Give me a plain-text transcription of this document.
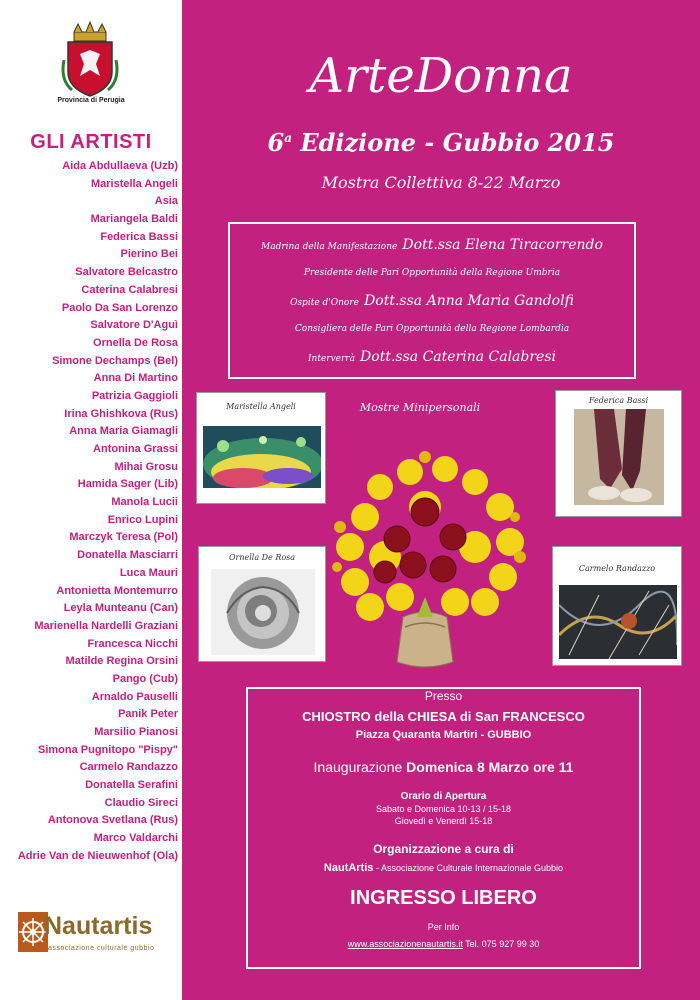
Provincia di Perugia
GLI ARTISTI
Aida Abdullaeva (Uzb)
Maristella Angeli
Asia
Mariangela Baldi
Federica Bassi
Pierino Bei
Salvatore Belcastro
Caterina Calabresi
Paolo Da San Lorenzo
Salvatore D'Aguì
Ornella De Rosa
Simone Dechamps (Bel)
Anna Di Martino
Patrizia Gaggioli
Irina Ghishkova (Rus)
Anna Maria Giamagli
Antonina Grassi
Mihai Grosu
Hamida Sager (Lib)
Manola Lucii
Enrico Lupini
Marczyk Teresa (Pol)
Donatella Masciarri
Luca Mauri
Antonietta Montemurro
Leyla Munteanu (Can)
Marienella Nardelli Graziani
Francesca Nicchi
Matilde Regina Orsini
Pango (Cub)
Arnaldo Pauselli
Panik Peter
Marsilio Pianosi
Simona Pugnitopo "Pispy"
Carmelo Randazzo
Donatella Serafini
Claudio Sireci
Antonova Svetlana (Rus)
Marco Valdarchi
Adrie Van de Nieuwenhof (Ola)
Nautartis
associazione culturale gubbio
ArteDonna
6$^a$ Edizione - Gubbio 2015
Mostra Collettiva 8-22 Marzo
Madrina della Manifestazione Dott.ssa Elena Tiracorrendo
Presidente delle Pari Opportunità della Regione Umbria
Ospite d'Onore Dott.ssa Anna Maria Gandolfi
Consigliera delle Pari Opportunità della Regione Lombardia
Interverrà Dott.ssa Caterina Calabresi
Mostre Minipersonali
Maristella Angeli
Federica Bassi
Ornella De Rosa
Carmelo Randazzo
Presso
CHIOSTRO della CHIESA di San FRANCESCO
Piazza Quaranta Martiri - GUBBIO
Inaugurazione Domenica 8 Marzo ore 11
Orario di Apertura
Sabato e Domenica 10-13 / 15-18
Giovedì e Venerdì 15-18
Organizzazione a cura di
NautArtis - Associazione Culturale Internazionale Gubbio
INGRESSO LIBERO
Per Info
www.associazionenautartis.it Tel. 075 927 99 30
